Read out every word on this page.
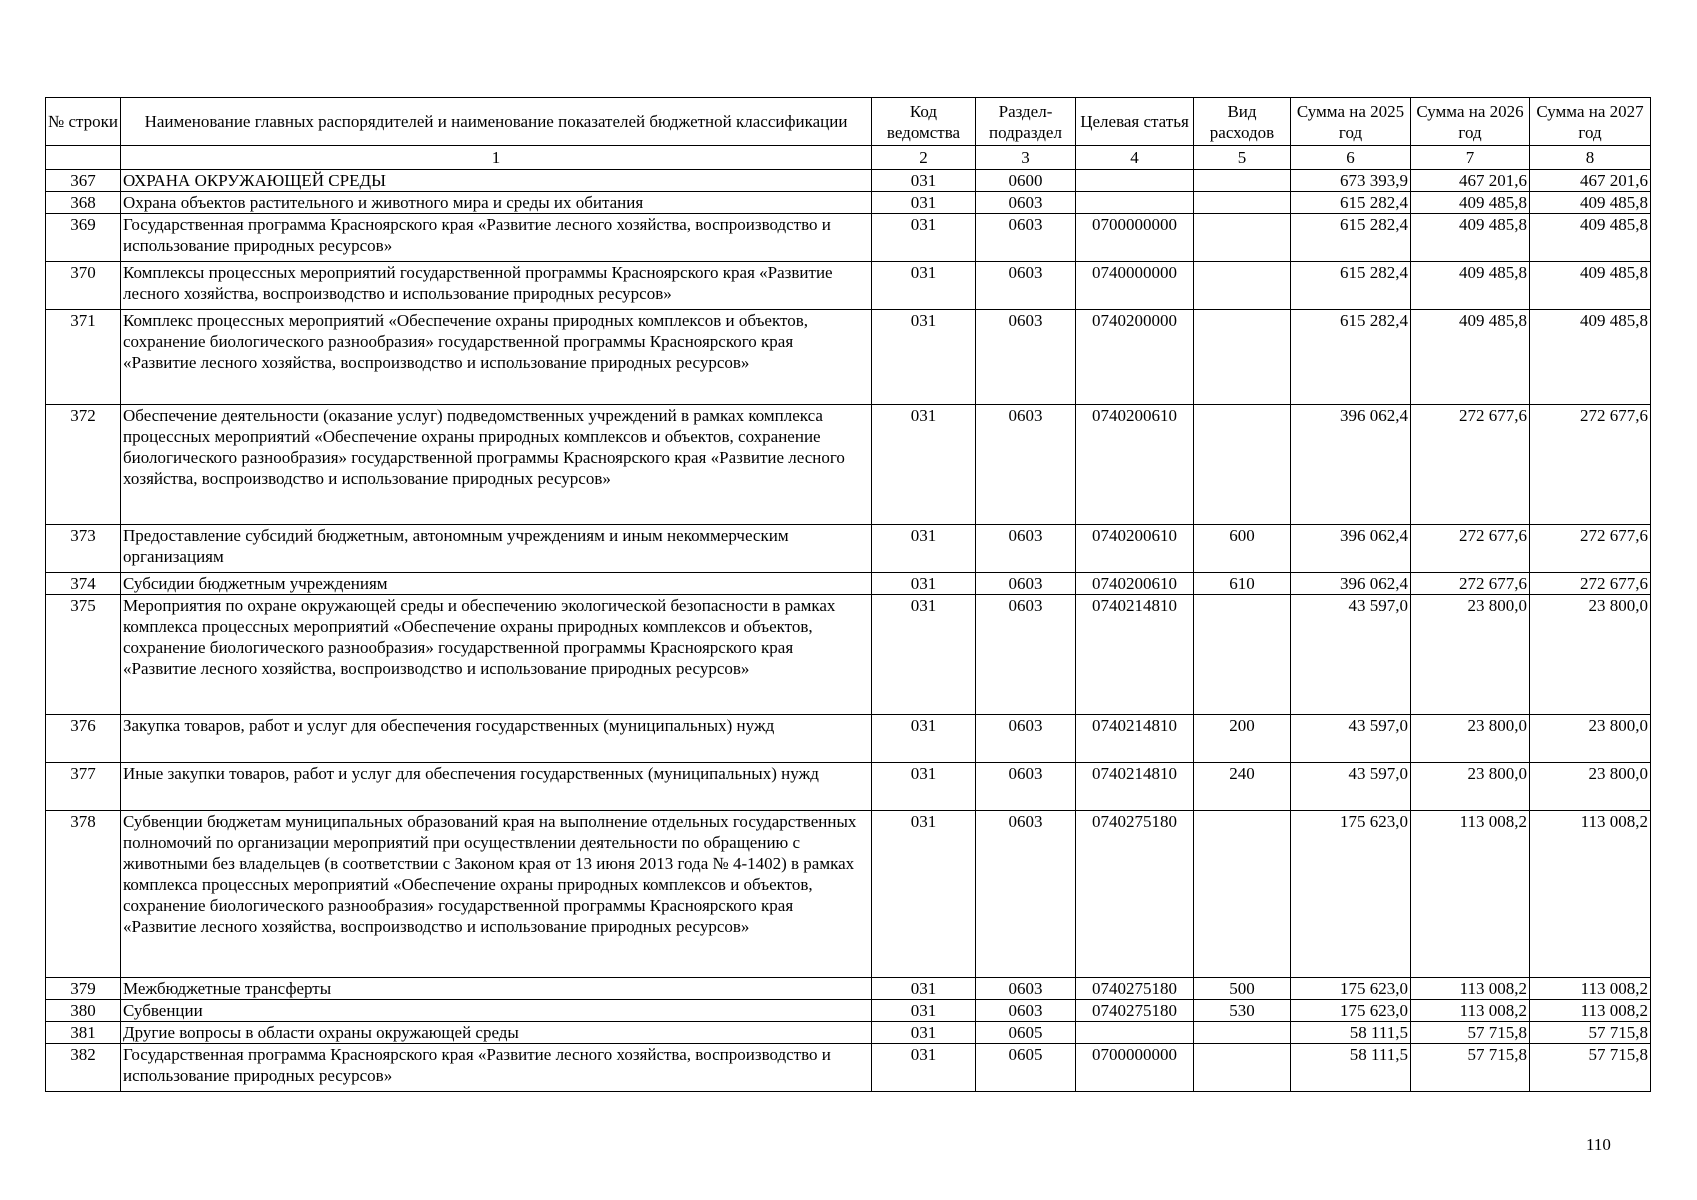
№ строки	Наименование главных распорядителей и наименование показателей бюджетной классификации	Код ведомства	Раздел-подраздел	Целевая статья	Вид расходов	Сумма на 2025 год	Сумма на 2026 год	Сумма на 2027 год
	1	2	3	4	5	6	7	8
367	ОХРАНА ОКРУЖАЮЩЕЙ СРЕДЫ	031	0600			673 393,9	467 201,6	467 201,6
368	Охрана объектов растительного и животного мира и среды их обитания	031	0603			615 282,4	409 485,8	409 485,8
369	Государственная программа Красноярского края «Развитие лесного хозяйства, воспроизводство и использование природных ресурсов»	031	0603	0700000000		615 282,4	409 485,8	409 485,8
370	Комплексы процессных мероприятий государственной программы Красноярского края «Развитие лесного хозяйства, воспроизводство и использование природных ресурсов»	031	0603	0740000000		615 282,4	409 485,8	409 485,8
371	Комплекс процессных мероприятий «Обеспечение охраны природных комплексов и объектов, сохранение биологического разнообразия» государственной программы Красноярского края «Развитие лесного хозяйства, воспроизводство и использование природных ресурсов»	031	0603	0740200000		615 282,4	409 485,8	409 485,8
372	Обеспечение деятельности (оказание услуг) подведомственных учреждений в рамках комплекса процессных мероприятий «Обеспечение охраны природных комплексов и объектов, сохранение биологического разнообразия» государственной программы Красноярского края «Развитие лесного хозяйства, воспроизводство и использование природных ресурсов»	031	0603	0740200610		396 062,4	272 677,6	272 677,6
373	Предоставление субсидий бюджетным, автономным учреждениям и иным некоммерческим организациям	031	0603	0740200610	600	396 062,4	272 677,6	272 677,6
374	Субсидии бюджетным учреждениям	031	0603	0740200610	610	396 062,4	272 677,6	272 677,6
375	Мероприятия по охране окружающей среды и обеспечению экологической безопасности в рамках комплекса процессных мероприятий «Обеспечение охраны природных комплексов и объектов, сохранение биологического разнообразия» государственной программы Красноярского края «Развитие лесного хозяйства, воспроизводство и использование природных ресурсов»	031	0603	0740214810		43 597,0	23 800,0	23 800,0
376	Закупка товаров, работ и услуг для обеспечения государственных (муниципальных) нужд	031	0603	0740214810	200	43 597,0	23 800,0	23 800,0
377	Иные закупки товаров, работ и услуг для обеспечения государственных (муниципальных) нужд	031	0603	0740214810	240	43 597,0	23 800,0	23 800,0
378	Субвенции бюджетам муниципальных образований края на выполнение отдельных государственных полномочий по организации мероприятий при осуществлении деятельности по обращению с животными без владельцев (в соответствии с Законом края от 13 июня 2013 года № 4-1402) в рамках комплекса процессных мероприятий «Обеспечение охраны природных комплексов и объектов, сохранение биологического разнообразия» государственной программы Красноярского края «Развитие лесного хозяйства, воспроизводство и использование природных ресурсов»	031	0603	0740275180		175 623,0	113 008,2	113 008,2
379	Межбюджетные трансферты	031	0603	0740275180	500	175 623,0	113 008,2	113 008,2
380	Субвенции	031	0603	0740275180	530	175 623,0	113 008,2	113 008,2
381	Другие вопросы в области охраны окружающей среды	031	0605			58 111,5	57 715,8	57 715,8
382	Государственная программа Красноярского края «Развитие лесного хозяйства, воспроизводство и использование природных ресурсов»	031	0605	0700000000		58 111,5	57 715,8	57 715,8
110
